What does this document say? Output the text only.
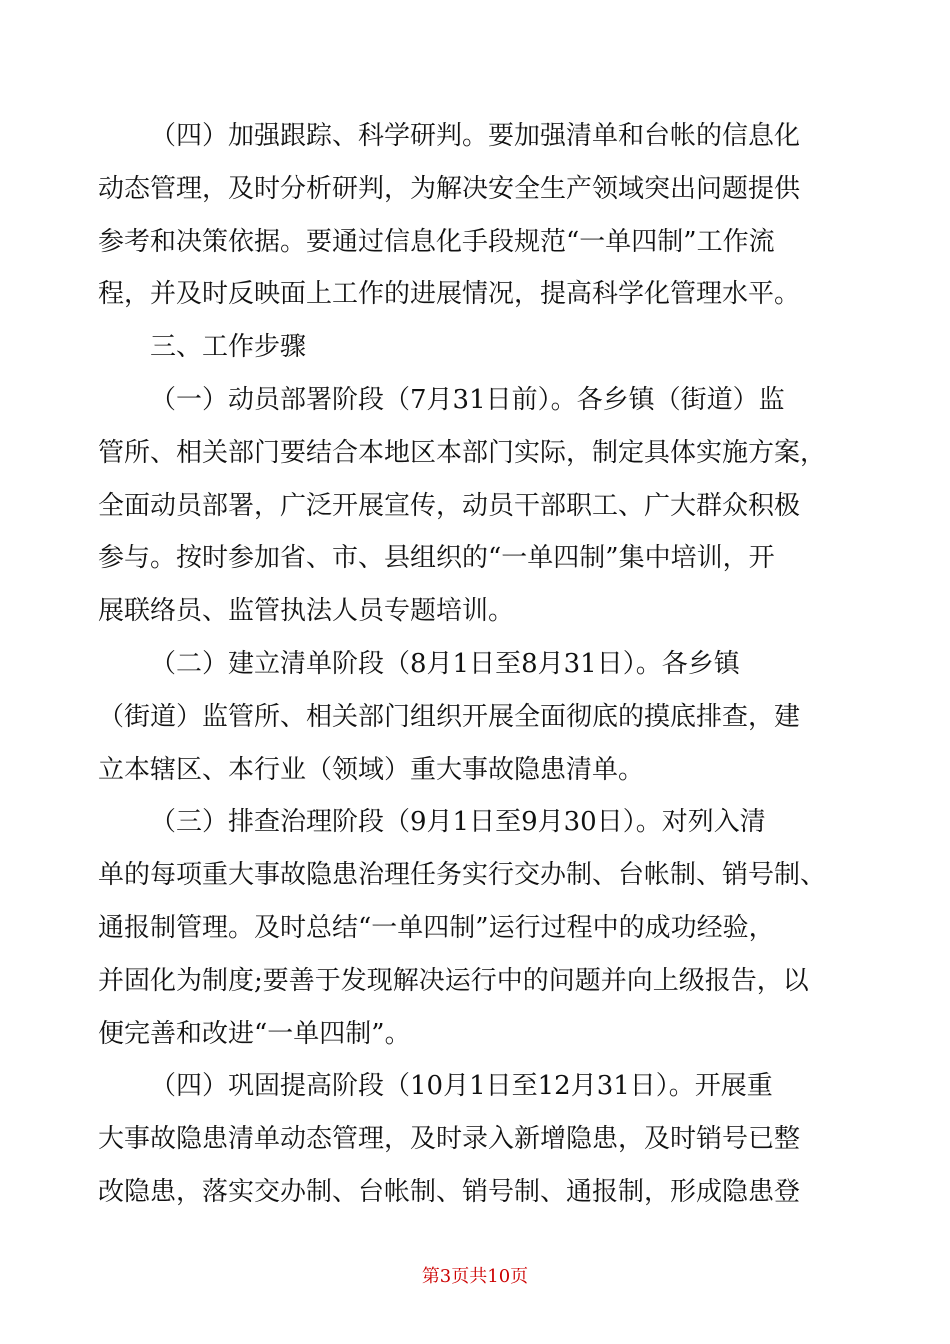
（四）加强跟踪、科学研判。要加强清单和台帐的信息化
动态管理，及时分析研判，为解决安全生产领域突出问题提供
参考和决策依据。要通过信息化手段规范“一单四制”工作流
程，并及时反映面上工作的进展情况，提高科学化管理水平。
三、工作步骤
（一）动员部署阶段（7月31日前）。各乡镇（街道）监
管所、相关部门要结合本地区本部门实际，制定具体实施方案，
全面动员部署，广泛开展宣传，动员干部职工、广大群众积极
参与。按时参加省、市、县组织的“一单四制”集中培训，开
展联络员、监管执法人员专题培训。
（二）建立清单阶段（8月1日至8月31日）。各乡镇
（街道）监管所、相关部门组织开展全面彻底的摸底排查，建
立本辖区、本行业（领域）重大事故隐患清单。
（三）排查治理阶段（9月1日至9月30日）。对列入清
单的每项重大事故隐患治理任务实行交办制、台帐制、销号制、
通报制管理。及时总结“一单四制”运行过程中的成功经验，
并固化为制度;要善于发现解决运行中的问题并向上级报告，以
便完善和改进“一单四制”。
（四）巩固提高阶段（10月1日至12月31日）。开展重
大事故隐患清单动态管理，及时录入新增隐患，及时销号已整
改隐患，落实交办制、台帐制、销号制、通报制，形成隐患登
第3页共10页
